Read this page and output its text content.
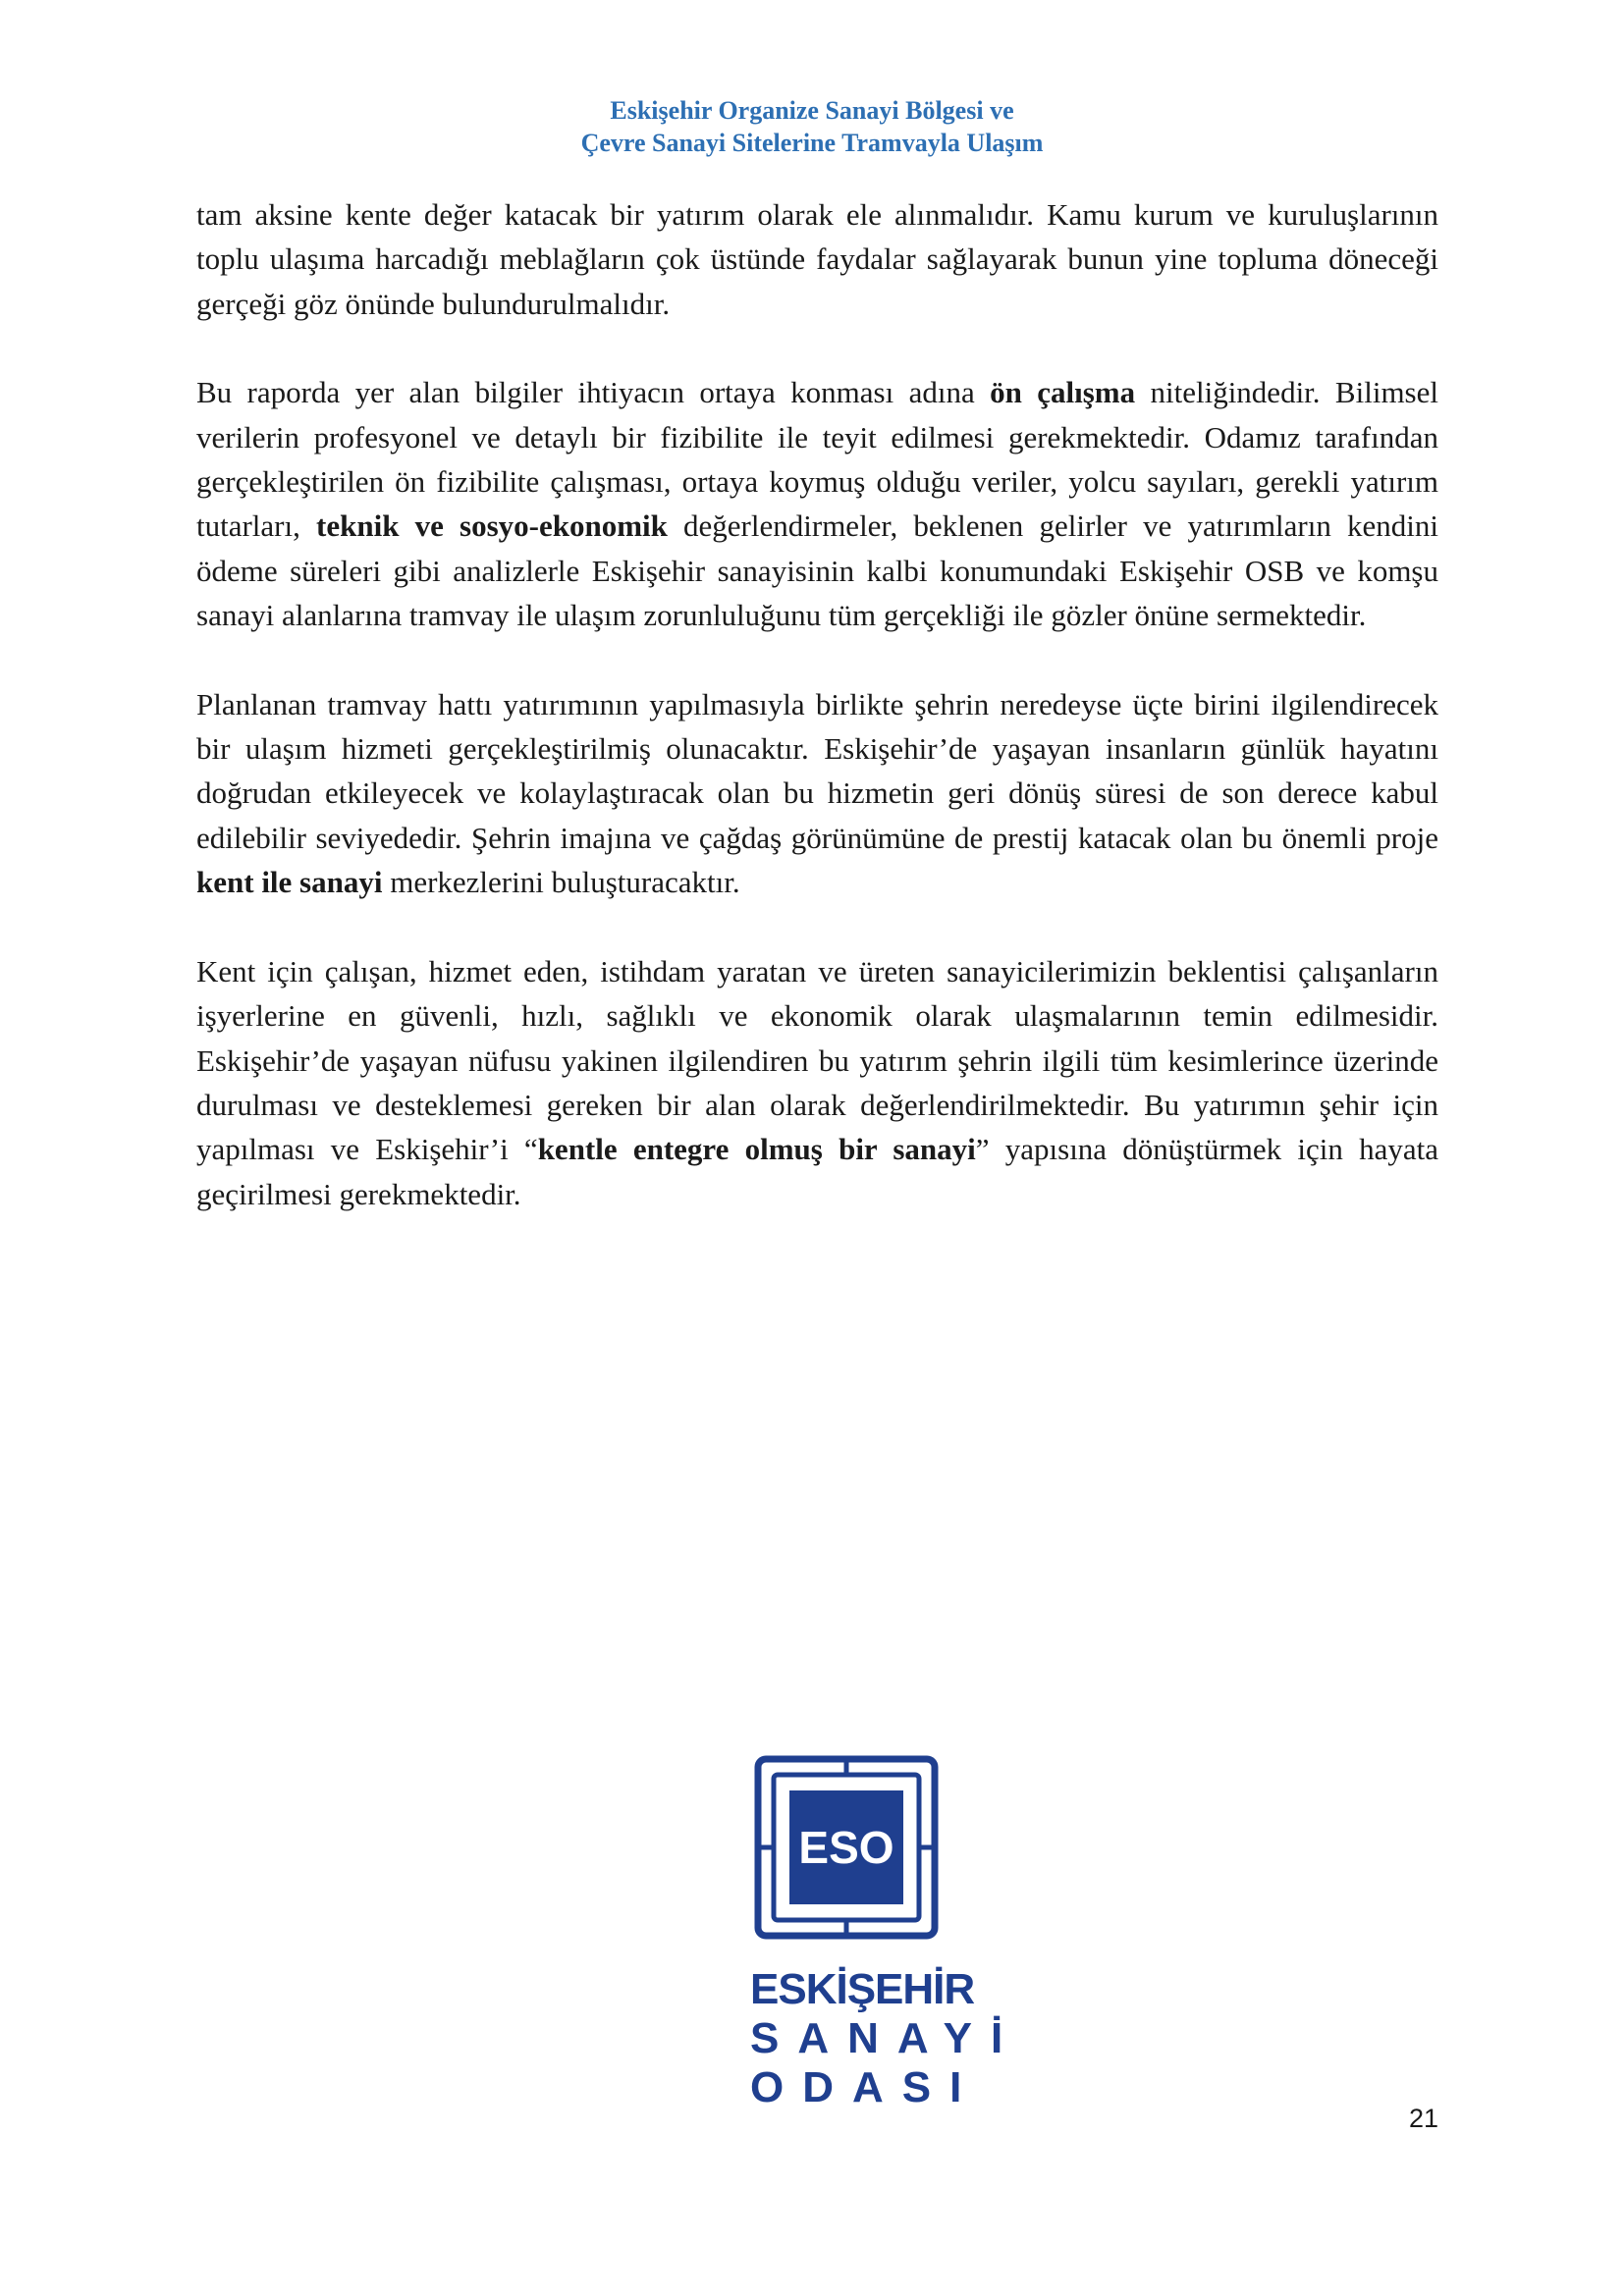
Eskişehir Organize Sanayi Bölgesi ve
Çevre Sanayi Sitelerine Tramvayla Ulaşım

tam aksine kente değer katacak bir yatırım olarak ele alınmalıdır. Kamu kurum ve kuruluşlarının toplu ulaşıma harcadığı meblağların çok üstünde faydalar sağlayarak bunun yine topluma döneceği gerçeği göz önünde bulundurulmalıdır.

Bu raporda yer alan bilgiler ihtiyacın ortaya konması adına ön çalışma niteliğindedir. Bilimsel verilerin profesyonel ve detaylı bir fizibilite ile teyit edilmesi gerekmektedir. Odamız tarafından gerçekleştirilen ön fizibilite çalışması, ortaya koymuş olduğu veriler, yolcu sayıları, gerekli yatırım tutarları, teknik ve sosyo-ekonomik değerlendirmeler, beklenen gelirler ve yatırımların kendini ödeme süreleri gibi analizlerle Eskişehir sanayisinin kalbi konumundaki Eskişehir OSB ve komşu sanayi alanlarına tramvay ile ulaşım zorunluluğunu tüm gerçekliği ile gözler önüne sermektedir.

Planlanan tramvay hattı yatırımının yapılmasıyla birlikte şehrin neredeyse üçte birini ilgilendirecek bir ulaşım hizmeti gerçekleştirilmiş olunacaktır. Eskişehir’de yaşayan insanların günlük hayatını doğrudan etkileyecek ve kolaylaştıracak olan bu hizmetin geri dönüş süresi de son derece kabul edilebilir seviyededir. Şehrin imajına ve çağdaş görünümüne de prestij katacak olan bu önemli proje kent ile sanayi merkezlerini buluşturacaktır.

Kent için çalışan, hizmet eden, istihdam yaratan ve üreten sanayicilerimizin beklentisi çalışanların işyerlerine en güvenli, hızlı, sağlıklı ve ekonomik olarak ulaşmalarının temin edilmesidir. Eskişehir’de yaşayan nüfusu yakinen ilgilendiren bu yatırım şehrin ilgili tüm kesimlerince üzerinde durulması ve desteklemesi gereken bir alan olarak değerlendirilmektedir. Bu yatırımın şehir için yapılması ve Eskişehir’i “kentle entegre olmuş bir sanayi” yapısına dönüştürmek için hayata geçirilmesi gerekmektedir.

ESO
ESKİŞEHİR
SANAYİ
ODASI
21
